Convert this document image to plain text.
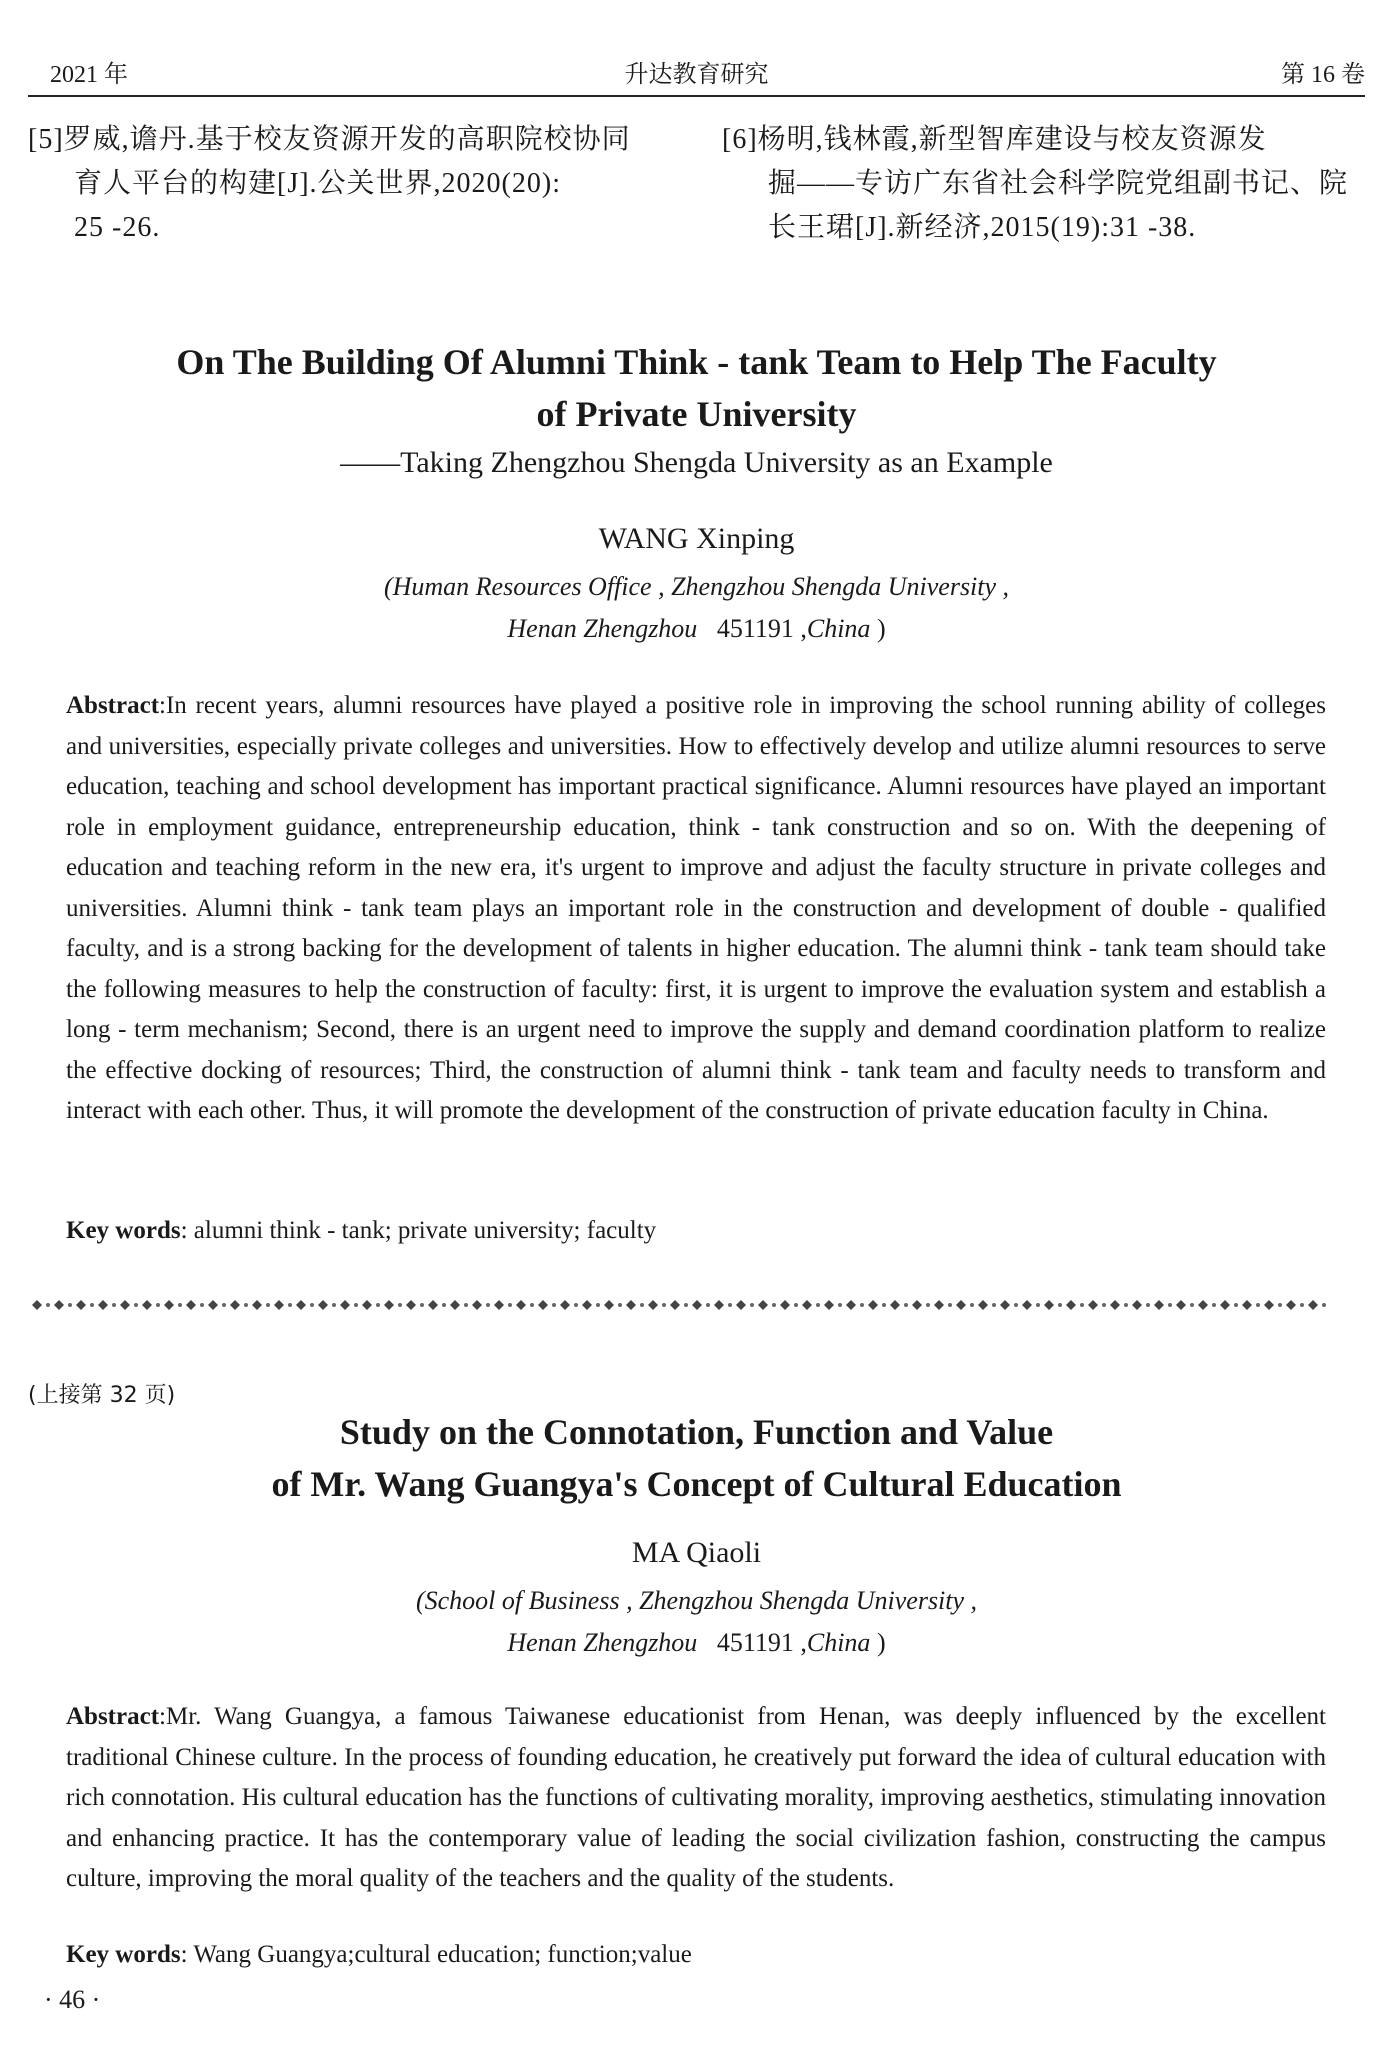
2021 年	升达教育研究	第 16 卷
[5]罗威,谵丹.基于校友资源开发的高职院校协同
育人平台的构建[J].公关世界,2020(20):
25 -26.
[6]杨明,钱林霞,新型智库建设与校友资源发
掘——专访广东省社会科学院党组副书记、院
长王珺[J].新经济,2015(19):31 -38.
On The Building Of Alumni Think - tank Team to Help The Faculty
of Private University
——Taking Zhengzhou Shengda University as an Example
WANG Xinping
(Human Resources Office , Zhengzhou Shengda University ,
Henan Zhengzhou 451191 ,China )
Abstract:In recent years, alumni resources have played a positive role in improving the school running ability of colleges and universities, especially private colleges and universities. How to effectively develop and utilize alumni resources to serve education, teaching and school development has important practical significance. Alumni resources have played an important role in employment guidance, entrepreneurship education, think - tank construction and so on. With the deepening of education and teaching reform in the new era, it's urgent to improve and adjust the faculty structure in private colleges and universities. Alumni think - tank team plays an important role in the construction and development of double - qualified faculty, and is a strong backing for the development of talents in higher education. The alumni think - tank team should take the following measures to help the construction of faculty: first, it is urgent to improve the evaluation system and establish a long - term mechanism; Second, there is an urgent need to improve the supply and demand coordination platform to realize the effective docking of resources; Third, the construction of alumni think - tank team and faculty needs to transform and interact with each other. Thus, it will promote the development of the construction of private education faculty in China.
Key words: alumni think - tank; private university; faculty
(上接第 32 页)
Study on the Connotation, Function and Value
of Mr. Wang Guangya's Concept of Cultural Education
MA Qiaoli
(School of Business , Zhengzhou Shengda University ,
Henan Zhengzhou 451191 ,China )
Abstract:Mr. Wang Guangya, a famous Taiwanese educationist from Henan, was deeply influenced by the excellent traditional Chinese culture. In the process of founding education, he creatively put forward the idea of cultural education with rich connotation. His cultural education has the functions of cultivating morality, improving aesthetics, stimulating innovation and enhancing practice. It has the contemporary value of leading the social civilization fashion, constructing the campus culture, improving the moral quality of the teachers and the quality of the students.
Key words: Wang Guangya;cultural education; function;value
· 46 ·
